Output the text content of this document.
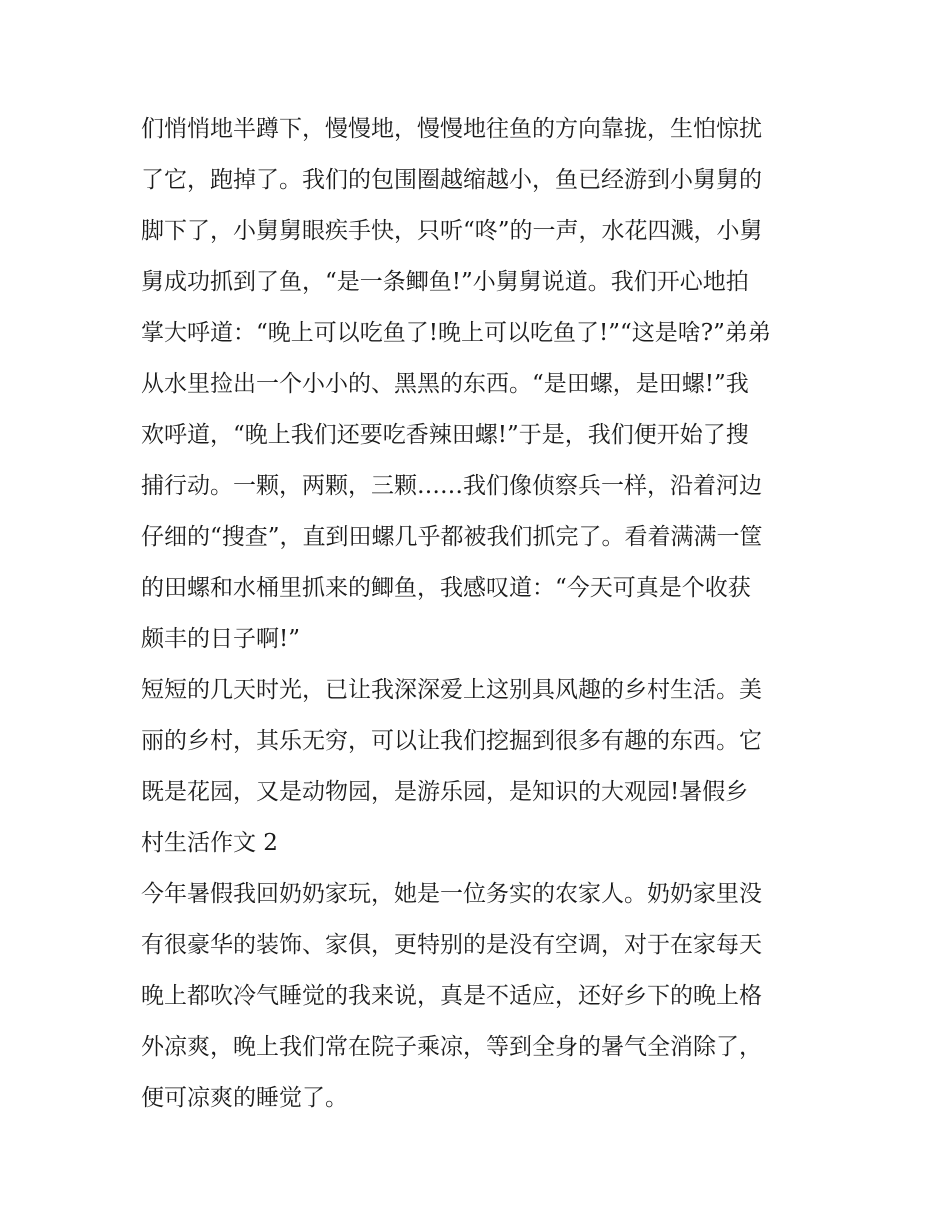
们悄悄地半蹲下，慢慢地，慢慢地往鱼的方向靠拢，生怕惊扰
了它，跑掉了。我们的包围圈越缩越小，鱼已经游到小舅舅的
脚下了，小舅舅眼疾手快，只听“咚”的一声，水花四溅，小舅
舅成功抓到了鱼，“是一条鲫鱼!”小舅舅说道。我们开心地拍
掌大呼道：“晚上可以吃鱼了!晚上可以吃鱼了!”“这是啥?”弟弟
从水里捡出一个小小的、黑黑的东西。“是田螺，是田螺!”我
欢呼道，“晚上我们还要吃香辣田螺!”于是，我们便开始了搜
捕行动。一颗，两颗，三颗……我们像侦察兵一样，沿着河边
仔细的“搜查”，直到田螺几乎都被我们抓完了。看着满满一筐
的田螺和水桶里抓来的鲫鱼，我感叹道：“今天可真是个收获
颇丰的日子啊!”
短短的几天时光，已让我深深爱上这别具风趣的乡村生活。美
丽的乡村，其乐无穷，可以让我们挖掘到很多有趣的东西。它
既是花园，又是动物园，是游乐园，是知识的大观园!暑假乡
村生活作文 2
今年暑假我回奶奶家玩，她是一位务实的农家人。奶奶家里没
有很豪华的装饰、家俱，更特别的是没有空调，对于在家每天
晚上都吹冷气睡觉的我来说，真是不适应，还好乡下的晚上格
外凉爽，晚上我们常在院子乘凉，等到全身的暑气全消除了，
便可凉爽的睡觉了。
